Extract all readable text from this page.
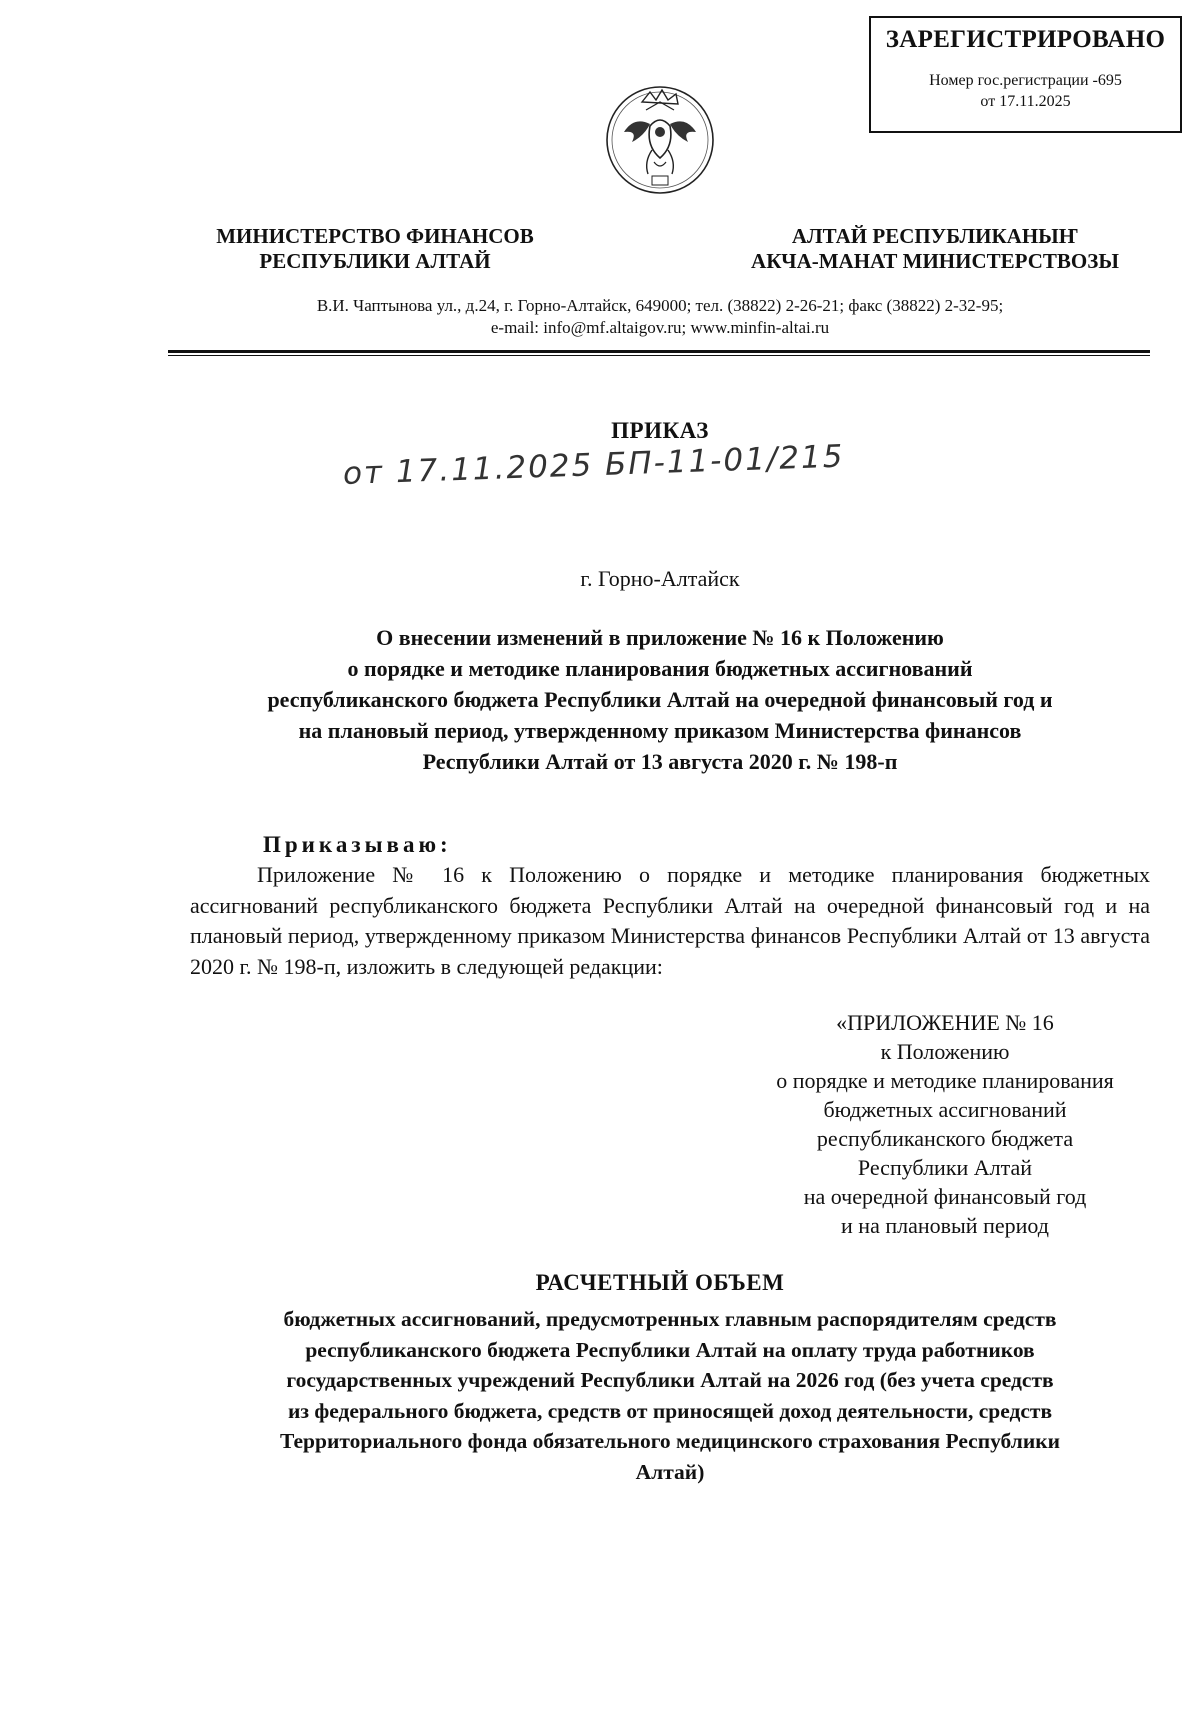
ЗАРЕГИСТРИРОВАНО
Номер гос.регистрации -695
от 17.11.2025
МИНИСТЕРСТВО ФИНАНСОВ
РЕСПУБЛИКИ АЛТАЙ
АЛТАЙ РЕСПУБЛИКАНЫҤ
АКЧА-МАНАТ МИНИСТЕРСТВОЗЫ
В.И. Чаптынова ул., д.24, г. Горно-Алтайск, 649000; тел. (38822) 2-26-21; факс (38822) 2-32-95;
e-mail: info@mf.altaigov.ru; www.minfin-altai.ru
ПРИКАЗ
от 17.11.2025 БП-11-01/215
г. Горно-Алтайск
О внесении изменений в приложение № 16 к Положению
о порядке и методике планирования бюджетных ассигнований
республиканского бюджета Республики Алтай на очередной финансовый год и
на плановый период, утвержденному приказом Министерства финансов
Республики Алтай от 13 августа 2020 г. № 198-п
Приказываю:
Приложение № 16 к Положению о порядке и методике планирования бюджетных ассигнований республиканского бюджета Республики Алтай на очередной финансовый год и на плановый период, утвержденному приказом Министерства финансов Республики Алтай от 13 августа 2020 г. № 198-п, изложить в следующей редакции:
«ПРИЛОЖЕНИЕ № 16
к Положению
о порядке и методике планирования
бюджетных ассигнований
республиканского бюджета
Республики Алтай
на очередной финансовый год
и на плановый период
РАСЧЕТНЫЙ ОБЪЕМ
бюджетных ассигнований, предусмотренных главным распорядителям средств
республиканского бюджета Республики Алтай на оплату труда работников
государственных учреждений Республики Алтай на 2026 год (без учета средств
из федерального бюджета, средств от приносящей доход деятельности, средств
Территориального фонда обязательного медицинского страхования Республики
Алтай)
